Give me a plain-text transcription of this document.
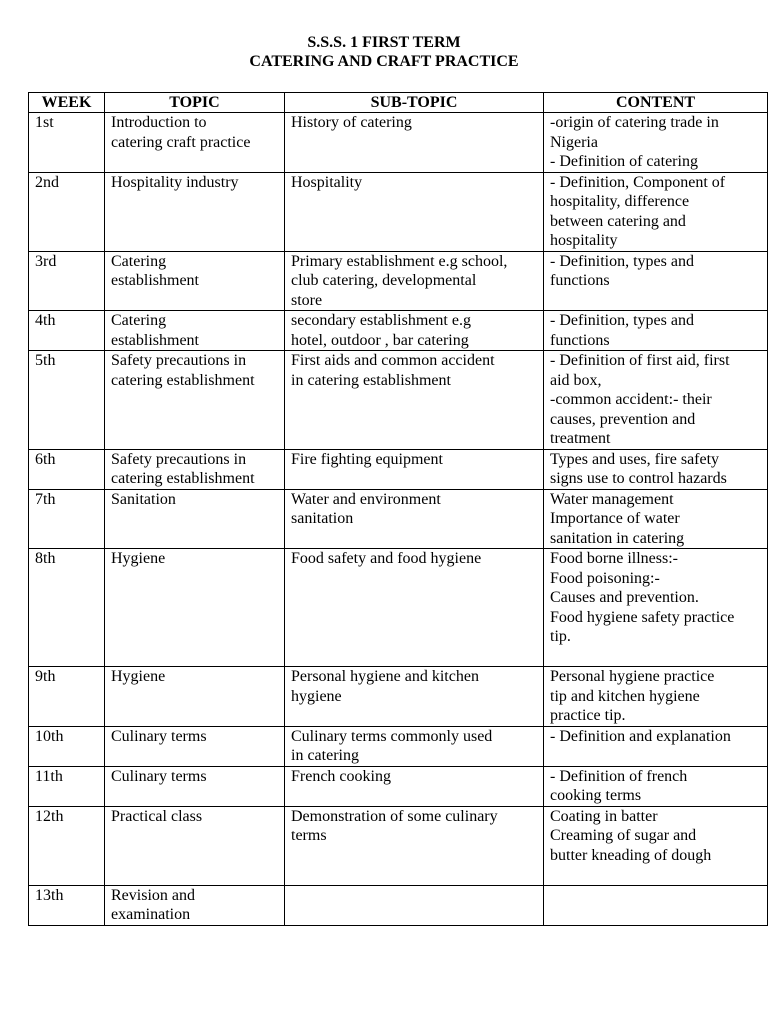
S.S.S. 1 FIRST TERM
CATERING AND CRAFT PRACTICE
WEEK	TOPIC	SUB-TOPIC	CONTENT
1st	Introduction to
catering craft practice	History of catering	-origin of catering trade in
Nigeria
- Definition of catering

2nd	Hospitality industry	Hospitality	- Definition, Component of
hospitality, difference
between catering and
hospitality

3rd	Catering
establishment	Primary establishment e.g school,
club catering, developmental
store	- Definition, types and
functions

4th	Catering
establishment	secondary establishment e.g
hotel, outdoor , bar catering	- Definition, types and
functions

5th	Safety precautions in
catering establishment	First aids and common accident
in catering establishment	- Definition of first aid, first
aid box,
-common accident:- their
causes, prevention and
treatment

6th	Safety precautions in
catering establishment	Fire fighting equipment	Types and uses, fire safety
signs use to control hazards

7th	Sanitation	Water and environment
sanitation	Water management
Importance of water
sanitation in catering

8th	Hygiene	Food safety and food hygiene	Food borne illness:-
Food poisoning:-
Causes and prevention.
Food hygiene safety practice
tip.

9th	Hygiene	Personal hygiene and kitchen
hygiene	Personal hygiene practice
tip and kitchen hygiene
practice tip.

10th	Culinary terms	Culinary terms commonly used
in catering	- Definition and explanation

11th	Culinary terms	French cooking	- Definition of french
cooking terms

12th	Practical class	Demonstration of some culinary
terms	Coating in batter
Creaming of sugar and
butter kneading of dough

13th	Revision and
examination		
